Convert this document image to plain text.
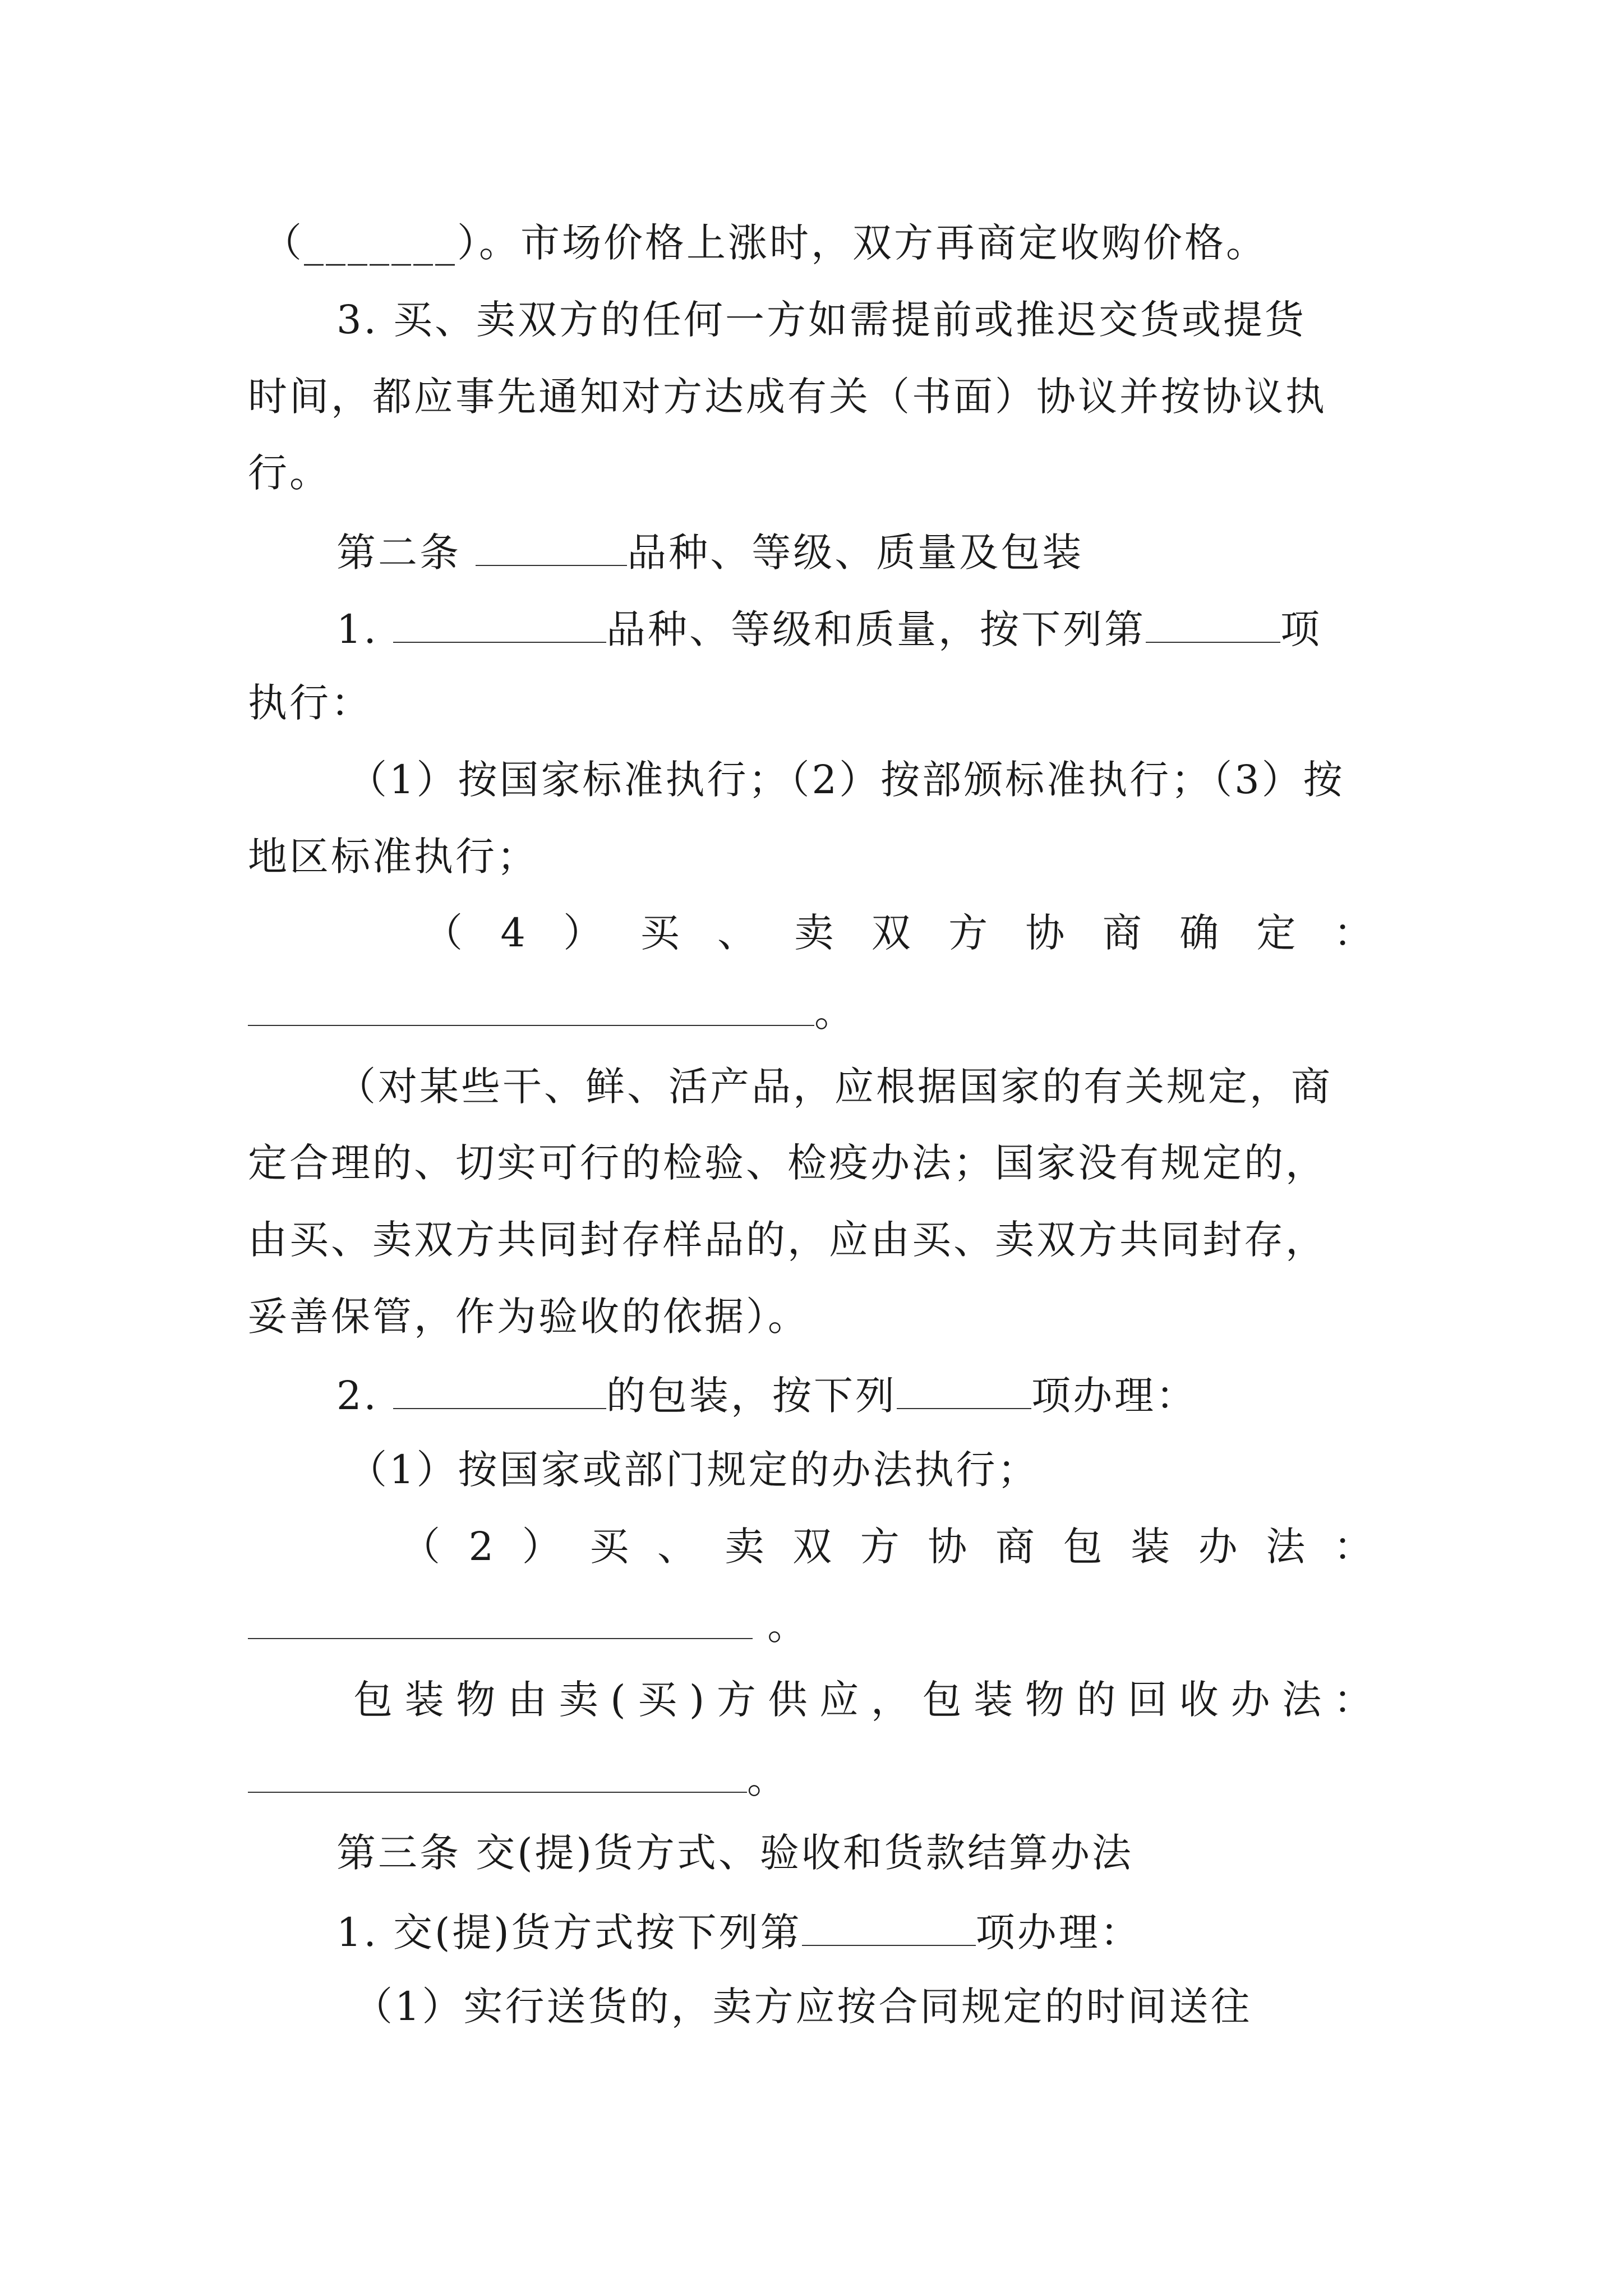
（_______）。市场价格上涨时，双方再商定收购价格。
3. 买、卖双方的任何一方如需提前或推迟交货或提货
时间，都应事先通知对方达成有关（书面）协议并按协议执
行。
第二条	品种、等级、质量及包装
1.	品种、等级和质量，按下列第	项
执行：
（1）按国家标准执行；（2）按部颁标准执行；（3）按
地区标准执行；
（ 4 ） 买 、 卖 双 方 协 商 确 定 ：
。
（对某些干、鲜、活产品，应根据国家的有关规定，商
定合理的、切实可行的检验、检疫办法；国家没有规定的，
由买、卖双方共同封存样品的，应由买、卖双方共同封存，
妥善保管，作为验收的依据）。
2.	的包装，按下列	项办理：
（1）按国家或部门规定的办法执行；
（ 2 ） 买 、 卖 双 方 协 商 包 装 办 法 ：
。
包 装 物 由 卖 ( 买 ) 方 供 应 ， 包 装 物 的 回 收 办 法 ：
。
第三条 交(提)货方式、验收和货款结算办法
1. 交(提)货方式按下列第	项办理：
（1）实行送货的，卖方应按合同规定的时间送往
